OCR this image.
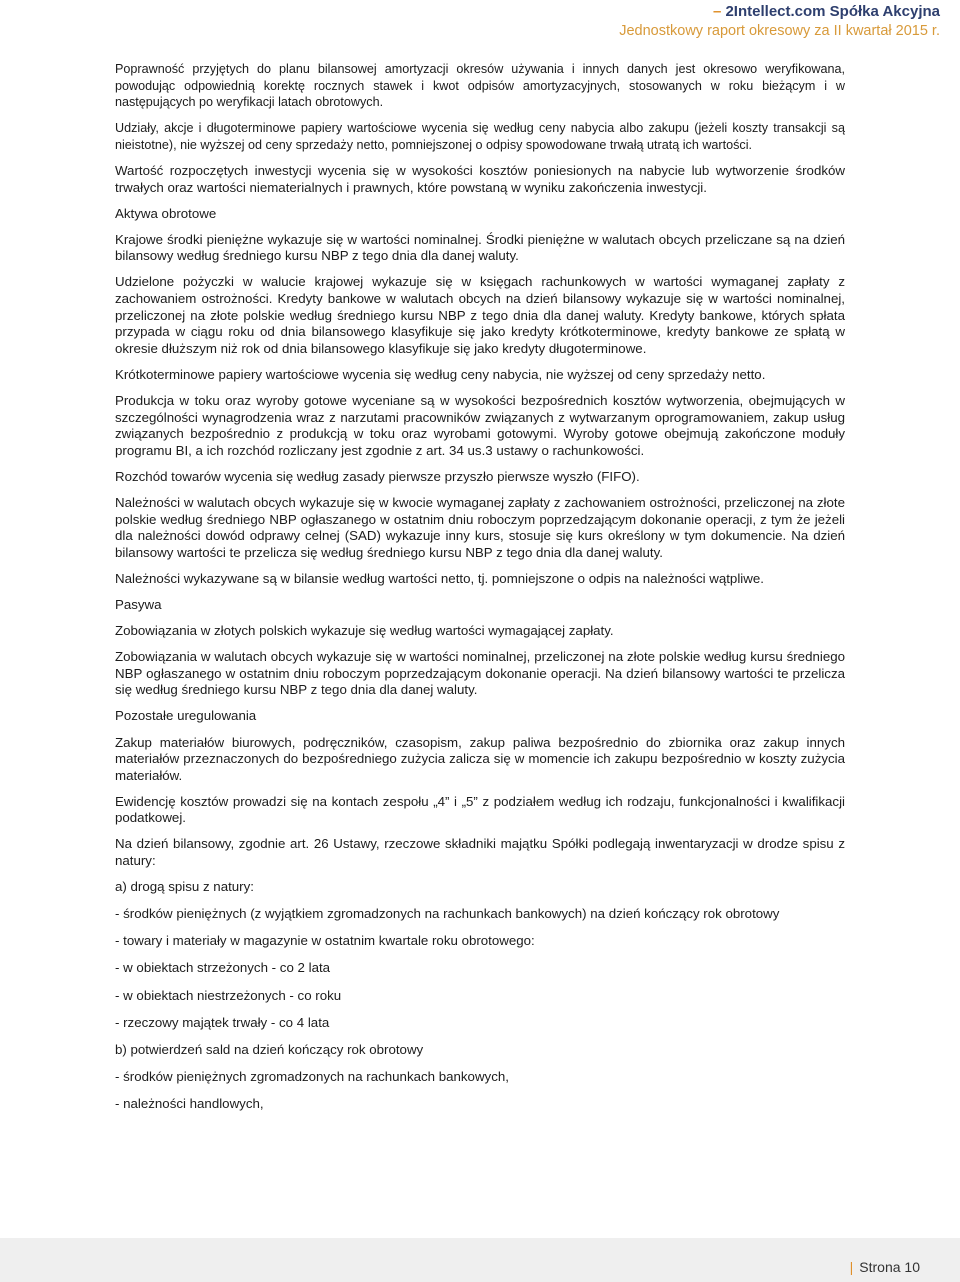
– 2Intellect.com Spółka Akcyjna
Jednostkowy raport okresowy za II kwartał 2015 r.

Poprawność przyjętych do planu bilansowej amortyzacji okresów używania i innych danych jest okresowo weryfikowana, powodując odpowiednią korektę rocznych stawek i kwot odpisów amortyzacyjnych, stosowanych w roku bieżącym i w następujących po weryfikacji latach obrotowych.

Udziały, akcje i długoterminowe papiery wartościowe wycenia się według ceny nabycia albo zakupu (jeżeli koszty transakcji są nieistotne), nie wyższej od ceny sprzedaży netto, pomniejszonej o odpisy spowodowane trwałą utratą ich wartości.

Wartość rozpoczętych inwestycji wycenia się w wysokości kosztów poniesionych na nabycie lub wytworzenie środków trwałych oraz wartości niematerialnych i prawnych, które powstaną w wyniku zakończenia inwestycji.

Aktywa obrotowe

Krajowe środki pieniężne wykazuje się w wartości nominalnej. Środki pieniężne w walutach obcych przeliczane są na dzień bilansowy według średniego kursu NBP z tego dnia dla danej waluty.

Udzielone pożyczki w walucie krajowej wykazuje się w księgach rachunkowych w wartości wymaganej zapłaty z zachowaniem ostrożności. Kredyty bankowe w walutach obcych na dzień bilansowy wykazuje się w wartości nominalnej, przeliczonej na złote polskie według średniego kursu NBP z tego dnia dla danej waluty. Kredyty bankowe, których spłata przypada w ciągu roku od dnia bilansowego klasyfikuje się jako kredyty krótkoterminowe, kredyty bankowe ze spłatą w okresie dłuższym niż rok od dnia bilansowego klasyfikuje się jako kredyty długoterminowe.

Krótkoterminowe papiery wartościowe wycenia się według ceny nabycia, nie wyższej od ceny sprzedaży netto.

Produkcja w toku oraz wyroby gotowe wyceniane są w wysokości bezpośrednich kosztów wytworzenia, obejmujących w szczególności wynagrodzenia wraz z narzutami pracowników związanych z wytwarzanym oprogramowaniem, zakup usług związanych bezpośrednio z produkcją w toku oraz wyrobami gotowymi. Wyroby gotowe obejmują zakończone moduły programu BI, a ich rozchód rozliczany jest zgodnie z art. 34 us.3 ustawy o rachunkowości.

Rozchód towarów wycenia się według zasady pierwsze przyszło pierwsze wyszło (FIFO).

Należności w walutach obcych wykazuje się w kwocie wymaganej zapłaty z zachowaniem ostrożności, przeliczonej na złote polskie według średniego NBP ogłaszanego w ostatnim dniu roboczym poprzedzającym dokonanie operacji, z tym że jeżeli dla należności dowód odprawy celnej (SAD) wykazuje inny kurs, stosuje się kurs określony w tym dokumencie. Na dzień bilansowy wartości te przelicza się według średniego kursu NBP z tego dnia dla danej waluty.

Należności wykazywane są w bilansie według wartości netto, tj. pomniejszone o odpis na należności wątpliwe.

Pasywa

Zobowiązania w złotych polskich wykazuje się według wartości wymagającej zapłaty.

Zobowiązania w walutach obcych wykazuje się w wartości nominalnej, przeliczonej na złote polskie według kursu średniego NBP ogłaszanego w ostatnim dniu roboczym poprzedzającym dokonanie operacji. Na dzień bilansowy wartości te przelicza się według średniego kursu NBP z tego dnia dla danej waluty.

Pozostałe uregulowania

Zakup materiałów biurowych, podręczników, czasopism, zakup paliwa bezpośrednio do zbiornika oraz zakup innych materiałów przeznaczonych do bezpośredniego zużycia zalicza się w momencie ich zakupu bezpośrednio w koszty zużycia materiałów.

Ewidencję kosztów prowadzi się na kontach zespołu „4” i „5” z podziałem według ich rodzaju, funkcjonalności i kwalifikacji podatkowej.

Na dzień bilansowy, zgodnie art. 26 Ustawy, rzeczowe składniki majątku Spółki podlegają inwentaryzacji w drodze spisu z natury:

a) drogą spisu z natury:

- środków pieniężnych (z wyjątkiem zgromadzonych na rachunkach bankowych) na dzień kończący rok obrotowy

- towary i materiały w magazynie w ostatnim kwartale roku obrotowego:

- w obiektach strzeżonych - co 2 lata

- w obiektach niestrzeżonych - co roku

- rzeczowy majątek trwały - co 4 lata

b) potwierdzeń sald na dzień kończący rok obrotowy

- środków pieniężnych zgromadzonych na rachunkach bankowych,

- należności handlowych,

| Strona 10
